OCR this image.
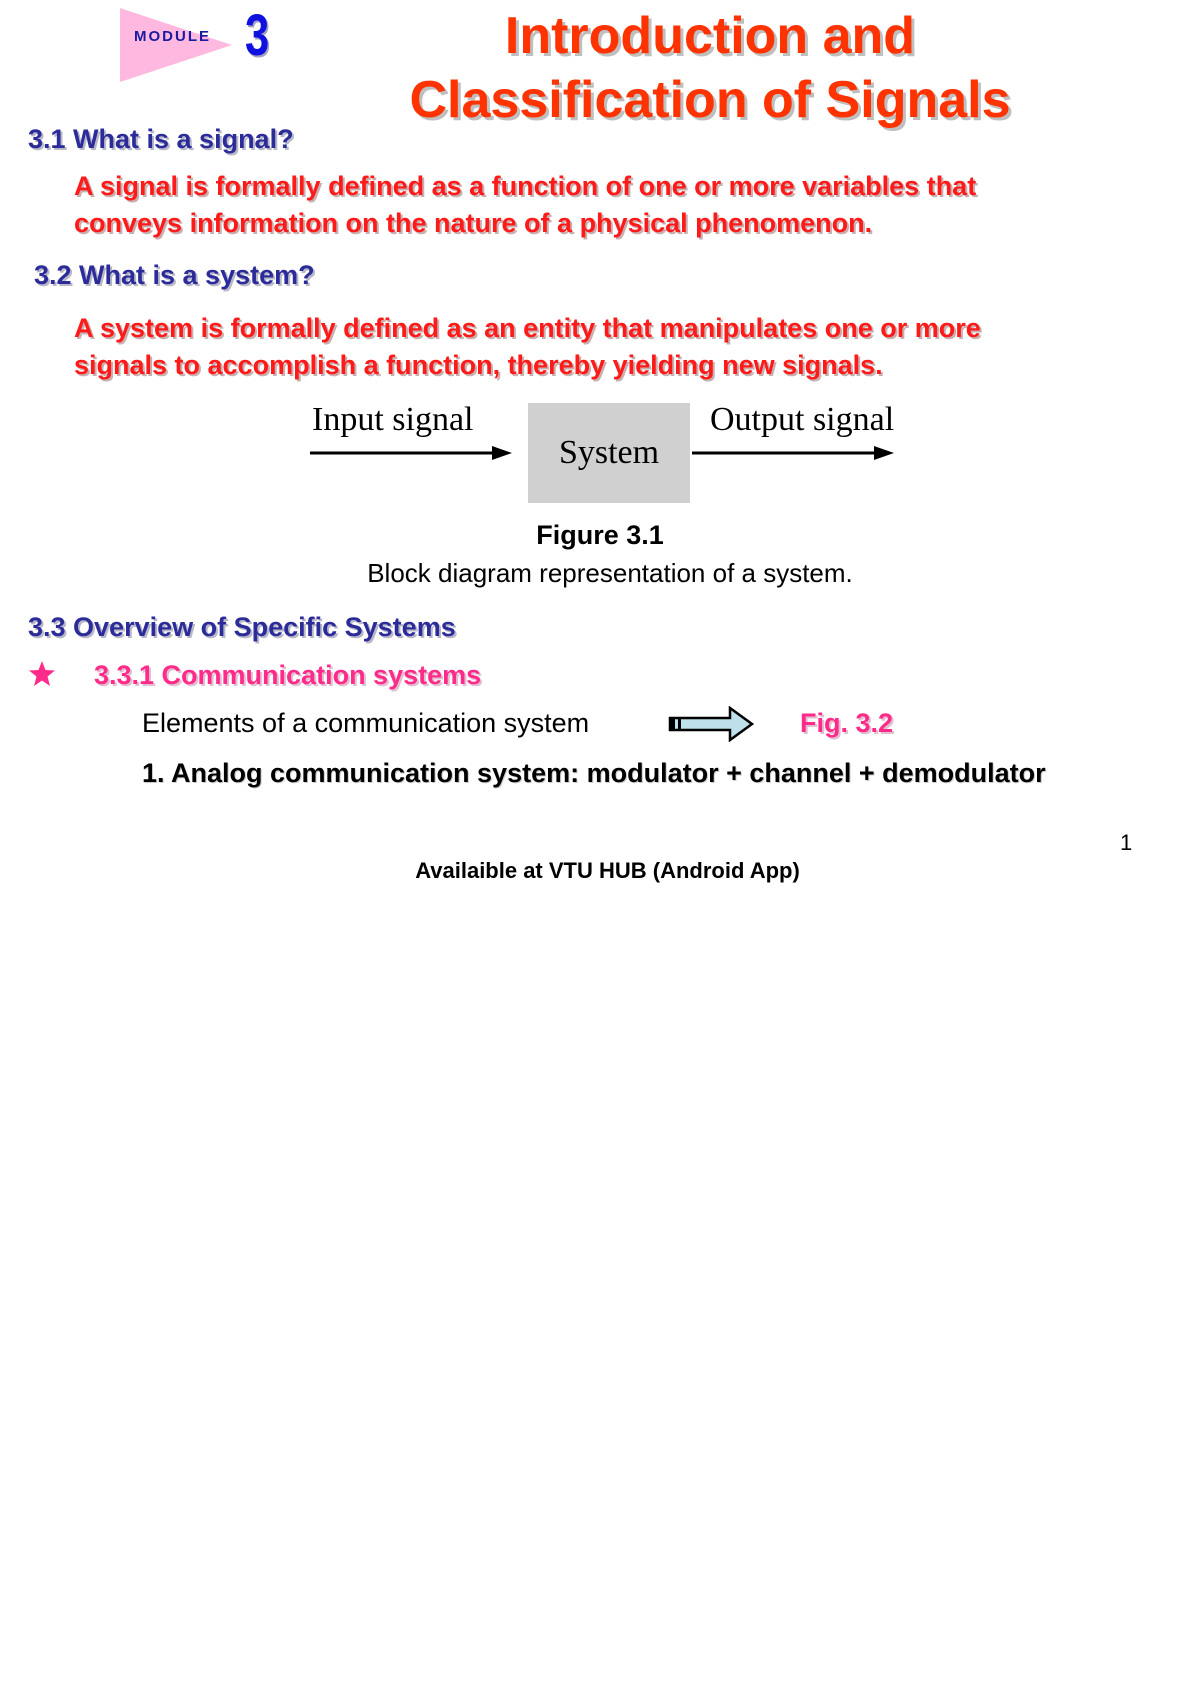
MODULE 3	Introduction and
Classification of Signals
3.1 What is a signal?
A signal is formally defined as a function of one or more variables that
conveys information on the nature of a physical phenomenon.
3.2 What is a system?
A system is formally defined as an entity that manipulates one or more
signals to accomplish a function, thereby yielding new signals.
Input signal
System
Output signal
Figure 3.1
Block diagram representation of a system.
3.3 Overview of Specific Systems
3.3.1 Communication systems
Elements of a communication system	Fig. 3.2
1. Analog communication system: modulator + channel + demodulator
1
Availaible at VTU HUB (Android App)
